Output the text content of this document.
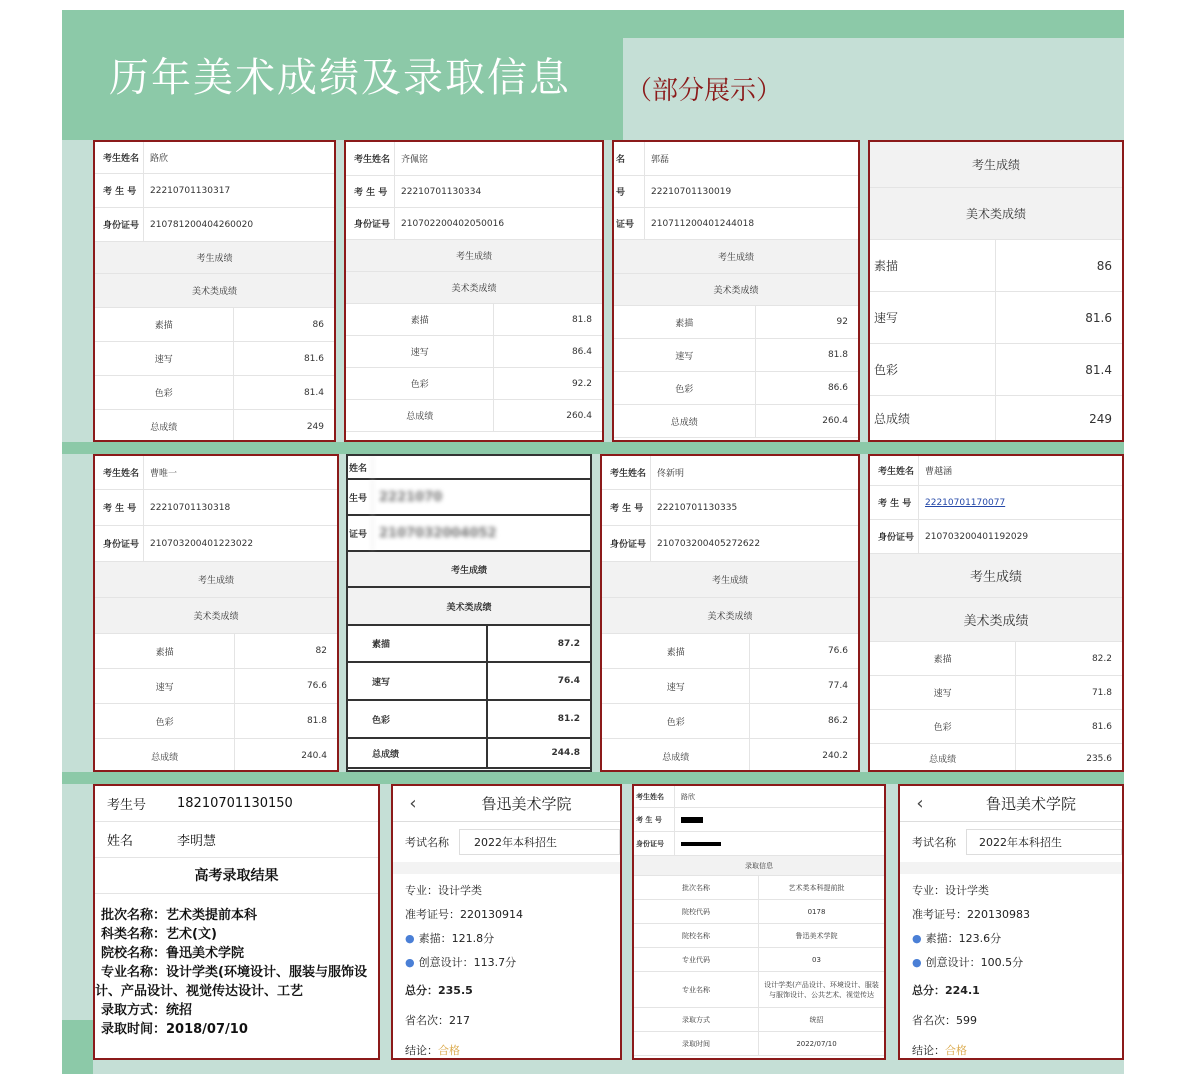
历年美术成绩及录取信息	（部分展示）
考生姓名	路欣
考 生 号	22210701130317
身份证号	210781200404260020
考生成绩
美术类成绩
素描	86
速写	81.6
色彩	81.4
总成绩	249
考生姓名	齐佩铭
考 生 号	22210701130334
身份证号	210702200402050016
考生成绩
美术类成绩
素描	81.8
速写	86.4
色彩	92.2
总成绩	260.4
名	郭磊
号	22210701130019
证号	210711200401244018
考生成绩
美术类成绩
素描	92
速写	81.8
色彩	86.6
总成绩	260.4
考生成绩
美术类成绩
素描	86
速写	81.6
色彩	81.4
总成绩	249
考生姓名	曹唯一
考 生 号	22210701130318
身份证号	210703200401223022
考生成绩
美术类成绩
素描	82
速写	76.6
色彩	81.8
总成绩	240.4
姓名
生号 2221070
证号 2107032004052
考生成绩
美术类成绩
素描	87.2
速写	76.4
色彩	81.2
总成绩	244.8
考生姓名	佟新明
考 生 号	22210701130335
身份证号	210703200405272622
考生成绩
美术类成绩
素描	76.6
速写	77.4
色彩	86.2
总成绩	240.2
考生姓名	曹越涵
考 生 号	22210701170077
身份证号	210703200401192029
考生成绩
美术类成绩
素描	82.2
速写	71.8
色彩	81.6
总成绩	235.6
考生号	18210701130150
姓名	李明慧
高考录取结果
批次名称：艺术类提前本科
科类名称：艺术(文)
院校名称：鲁迅美术学院
专业名称：设计学类(环境设计、服装与服饰设
计、产品设计、视觉传达设计、工艺
录取方式：统招
录取时间：2018/07/10
‹	鲁迅美术学院
考试名称	2022年本科招生
专业：设计学类
准考证号：220130914
● 素描：121.8分
● 创意设计：113.7分
总分：235.5
省名次：217
结论：合格
考生姓名	路欣
考 生 号
身份证号
录取信息
批次名称	艺术类本科提前批
院校代码	0178
院校名称	鲁迅美术学院
专业代码	03
专业名称
设计学类(产品设计、环境设计、服装与服饰设计、公共艺术、视觉传达
录取方式	统招
录取时间	2022/07/10
‹	鲁迅美术学院
考试名称	2022年本科招生
专业：设计学类
准考证号：220130983
● 素描：123.6分
● 创意设计：100.5分
总分：224.1
省名次：599
结论：合格
